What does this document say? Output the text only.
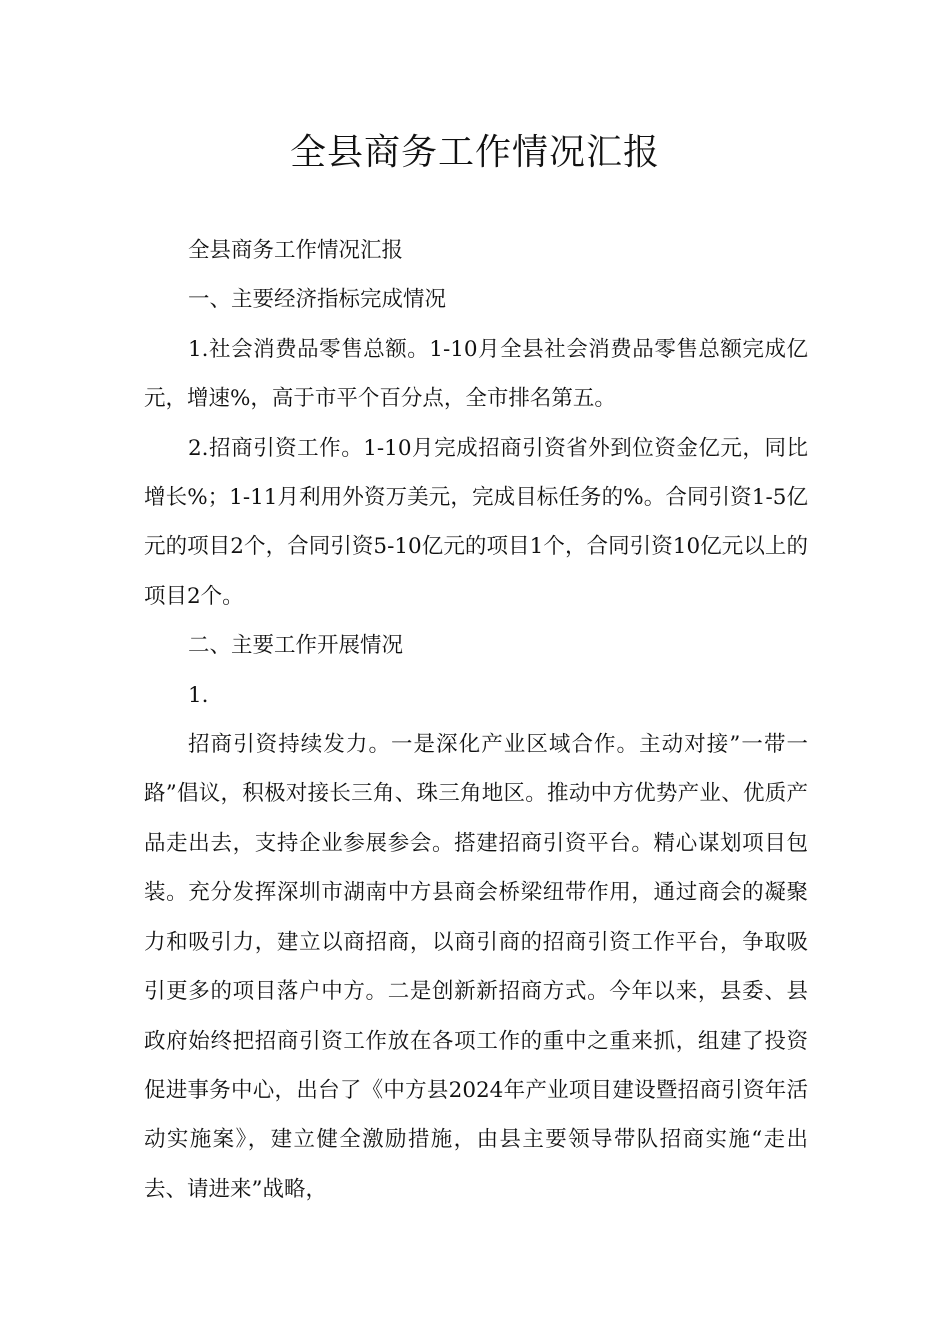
全县商务工作情况汇报

全县商务工作情况汇报

一、主要经济指标完成情况

1.社会消费品零售总额。1-10月全县社会消费品零售总额完成亿元，增速%，高于市平个百分点，全市排名第五。

2.招商引资工作。1-10月完成招商引资省外到位资金亿元，同比增长%；1-11月利用外资万美元，完成目标任务的%。合同引资1-5亿元的项目2个，合同引资5-10亿元的项目1个，合同引资10亿元以上的项目2个。

二、主要工作开展情况

1.

招商引资持续发力。一是深化产业区域合作。主动对接”一带一路”倡议，积极对接长三角、珠三角地区。推动中方优势产业、优质产品走出去，支持企业参展参会。搭建招商引资平台。精心谋划项目包装。充分发挥深圳市湖南中方县商会桥梁纽带作用，通过商会的凝聚力和吸引力，建立以商招商，以商引商的招商引资工作平台，争取吸引更多的项目落户中方。二是创新新招商方式。今年以来，县委、县政府始终把招商引资工作放在各项工作的重中之重来抓，组建了投资促进事务中心，出台了《中方县2024年产业项目建设暨招商引资年活动实施案》，建立健全激励措施，由县主要领导带队招商实施“走出去、请进来”战略，
